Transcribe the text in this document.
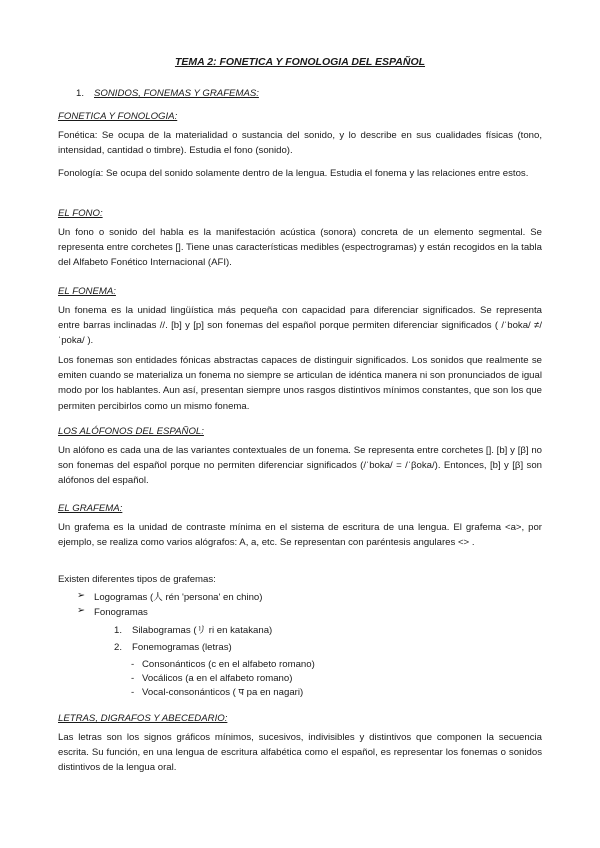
TEMA 2: FONETICA Y FONOLOGIA DEL ESPAÑOL
1. SONIDOS, FONEMAS Y GRAFEMAS:
FONETICA Y FONOLOGIA:
Fonética: Se ocupa de la materialidad o sustancia del sonido, y lo describe en sus cualidades físicas (tono, intensidad, cantidad o timbre). Estudia el fono (sonido).
Fonología: Se ocupa del sonido solamente dentro de la lengua. Estudia el fonema y las relaciones entre estos.
EL FONO:
Un fono o sonido del habla es la manifestación acústica (sonora) concreta de un elemento segmental. Se representa entre corchetes []. Tiene unas características medibles (espectrogramas) y están recogidos en la tabla del Alfabeto Fonético Internacional (AFI).
EL FONEMA:
Un fonema es la unidad lingüística más pequeña con capacidad para diferenciar significados. Se representa entre barras inclinadas //. [b] y [p] son fonemas del español porque permiten diferenciar significados ( /ˈboka/ ≠/ˈpoka/ ).
Los fonemas son entidades fónicas abstractas capaces de distinguir significados. Los sonidos que realmente se emiten cuando se materializa un fonema no siempre se articulan de idéntica manera ni son pronunciados de igual modo por los hablantes. Aun así, presentan siempre unos rasgos distintivos mínimos constantes, que son los que permiten percibirlos como un mismo fonema.
LOS ALÓFONOS DEL ESPAÑOL:
Un alófono es cada una de las variantes contextuales de un fonema. Se representa entre corchetes []. [b] y [β] no son fonemas del español porque no permiten diferenciar significados (/ˈboka/ = /ˈβoka/). Entonces, [b] y [β] son alófonos del español.
EL GRAFEMA:
Un grafema es la unidad de contraste mínima en el sistema de escritura de una lengua. El grafema <a>, por ejemplo, se realiza como varios alógrafos: A, a, etc. Se representan con paréntesis angulares <> .
Existen diferentes tipos de grafemas:
➢ Logogramas (人 rén 'persona' en chino)
➢ Fonogramas
1. Silabogramas (リ ri en katakana)
2. Fonemogramas (letras)
- Consonánticos (c en el alfabeto romano)
- Vocálicos (a en el alfabeto romano)
- Vocal-consonánticos ( प pa en nagari)
LETRAS, DIGRAFOS Y ABECEDARIO:
Las letras son los signos gráficos mínimos, sucesivos, indivisibles y distintivos que componen la secuencia escrita. Su función, en una lengua de escritura alfabética como el español, es representar los fonemas o sonidos distintivos de la lengua oral.
